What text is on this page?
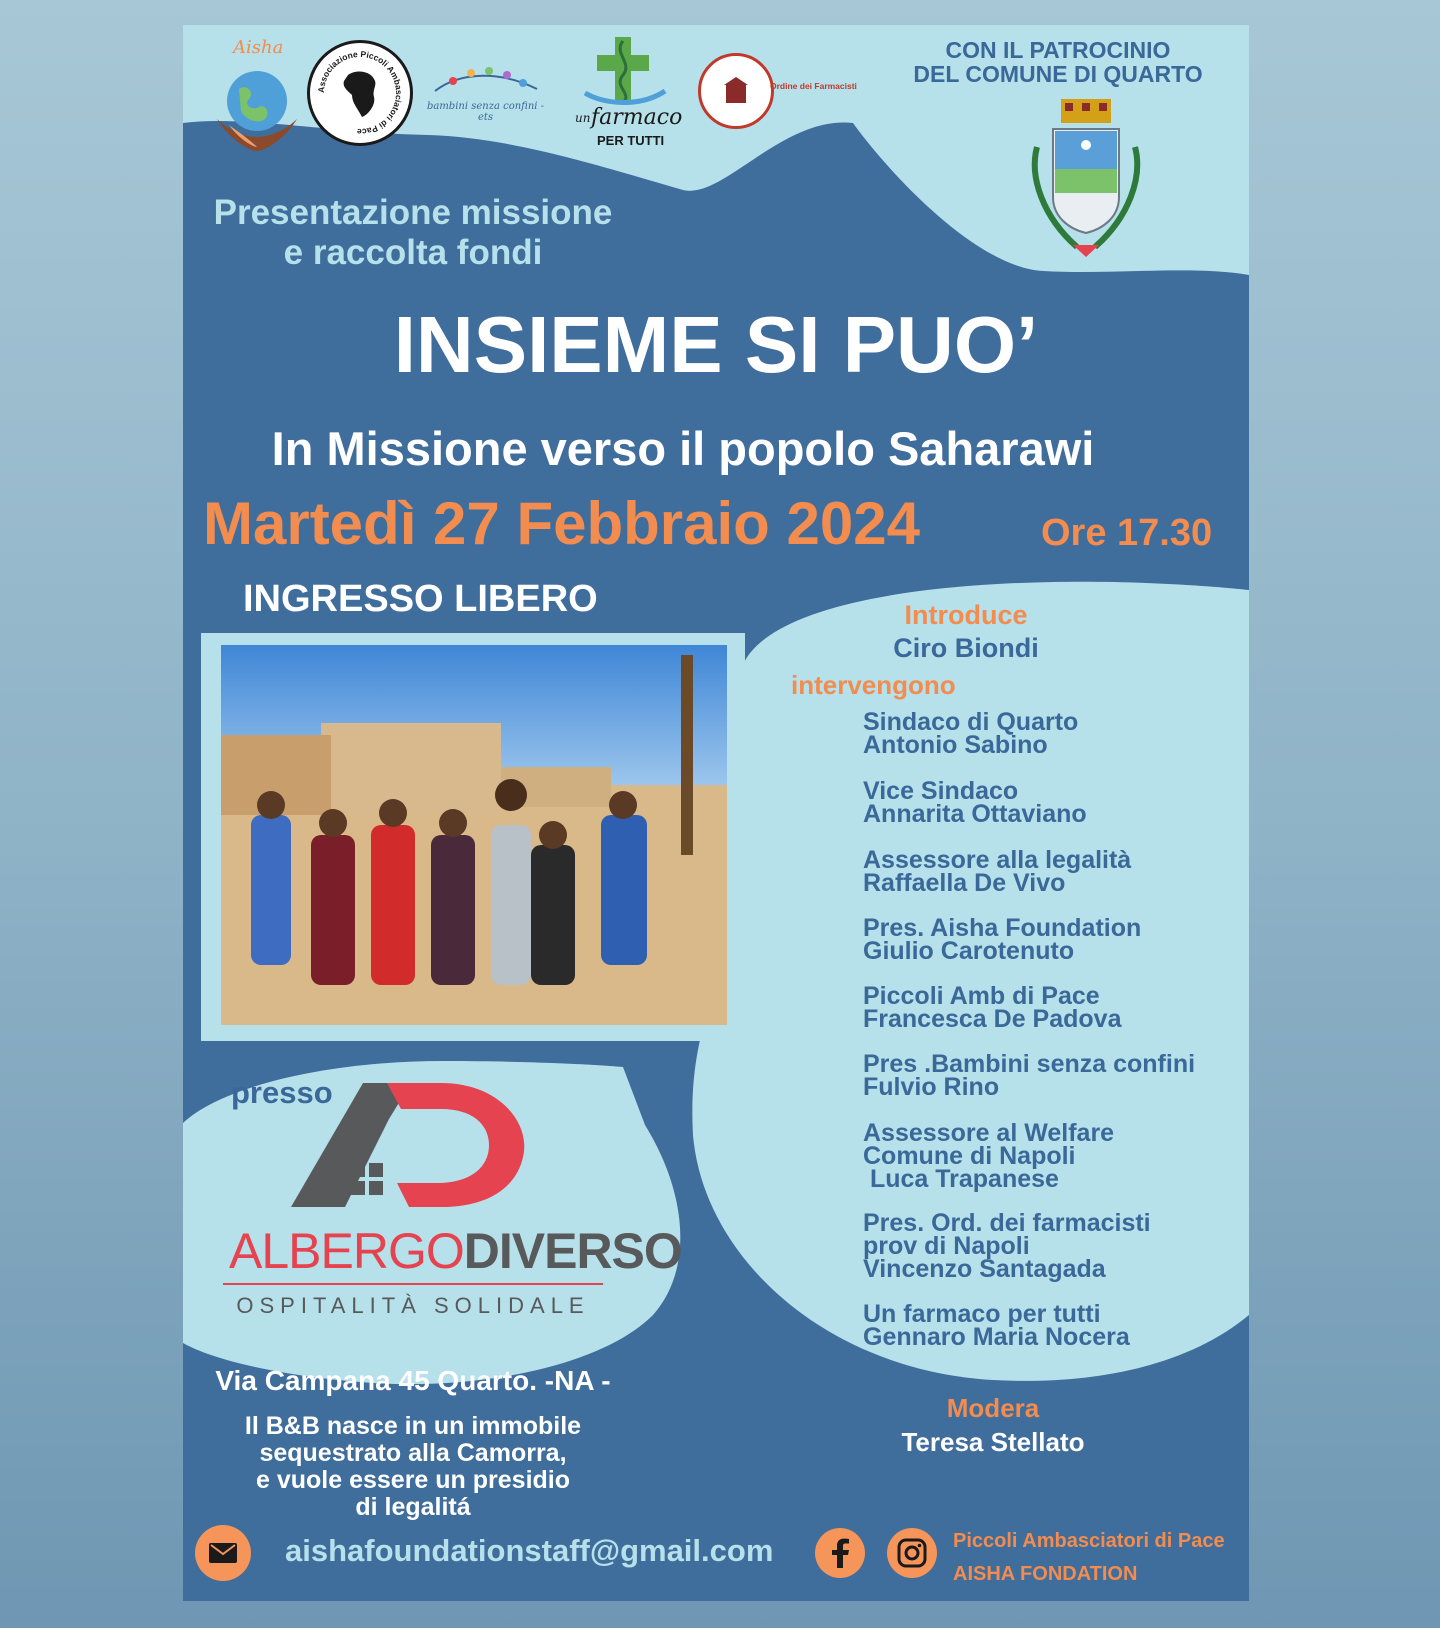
Aisha
Associazione Piccoli Ambasciatori di Pace
bambini senza confini - ets	un farmaco
PER TUTTI
Ordine dei Farmacisti
CON IL PATROCINIO
DEL COMUNE DI QUARTO
Presentazione missione
e raccolta fondi
INSIEME SI PUO’
In Missione verso il popolo Saharawi
Martedì 27 Febbraio 2024	Ore 17.30
INGRESSO LIBERO	Introduce
Ciro Biondi
intervengono
Sindaco di Quarto
Antonio Sabino
Vice Sindaco
Annarita Ottaviano
Assessore alla legalità
Raffaella De Vivo
Pres. Aisha Foundation
Giulio Carotenuto
Piccoli Amb di Pace
Francesca De Padova
Pres .Bambini senza confini
Fulvio Rino
Assessore al Welfare
Comune di Napoli
Luca Trapanese
Pres. Ord. dei farmacisti
prov di Napoli
Vincenzo Santagada
Un farmaco per tutti
Gennaro Maria Nocera
Modera
Teresa Stellato
presso
ALBERGODIVERSO
OSPITALITÀ SOLIDALE
Via Campana 45 Quarto. -NA -
Il B&B nasce in un immobile
sequestrato alla Camorra,
e vuole essere un presidio
di legalitá
aishafoundationstaff@gmail.com	Piccoli Ambasciatori di Pace
AISHA FONDATION
